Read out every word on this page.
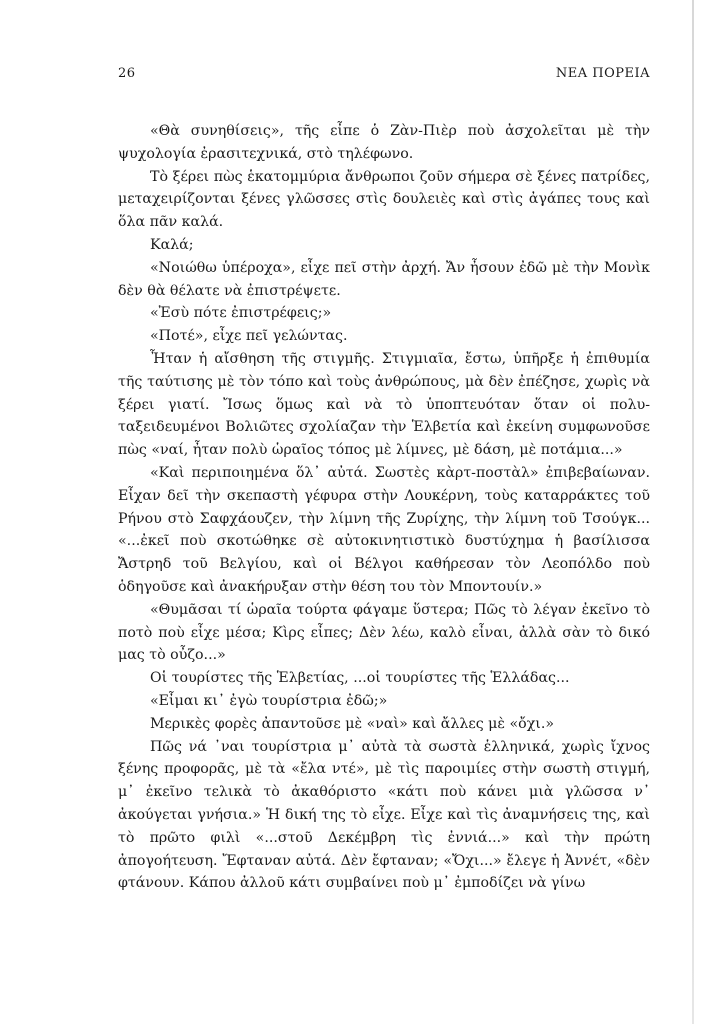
26	ΝΕΑ ΠΟΡΕΙΑ

«Θὰ συνηθίσεις», τῆς εἶπε ὁ Ζὰν-Πιὲρ ποὺ ἀσχολεῖται μὲ τὴν ψυχολογία ἐρασιτεχνικά, στὸ τηλέφωνο.

Τὸ ξέρει πὼς ἑκατομμύρια ἄνθρωποι ζοῦν σήμερα σὲ ξένες πατρίδες, μεταχειρίζονται ξένες γλῶσσες στὶς δουλειὲς καὶ στὶς ἀγάπες τους καὶ ὅλα πᾶν καλά.

Καλά;

«Νοιώθω ὑπέροχα», εἶχε πεῖ στὴν ἀρχή. Ἄν ἦσουν ἐδῶ μὲ τὴν Μονὶκ δὲν θὰ θέλατε νὰ ἐπιστρέψετε.

«Ἐσὺ πότε ἐπιστρέφεις;»

«Ποτέ», εἶχε πεῖ γελώντας.

Ἦταν ἡ αἴσθηση τῆς στιγμῆς. Στιγμιαῖα, ἔστω, ὑπῆρξε ἡ ἐπιθυμία τῆς ταύτισης μὲ τὸν τόπο καὶ τοὺς ἀνθρώπους, μὰ δὲν ἐπέζησε, χωρὶς νὰ ξέρει γιατί. Ἴσως ὅμως καὶ νὰ τὸ ὑποπτευόταν ὅταν οἱ πολυταξειδευμένοι Βολιῶτες σχολίαζαν τὴν Ἑλβετία καὶ ἐκείνη συμφωνοῦσε πὼς «ναί, ἦταν πολὺ ὡραῖος τόπος μὲ λίμνες, μὲ δάση, μὲ ποτάμια...»

«Καὶ περιποιημένα ὅλ᾿ αὐτά. Σωστὲς κὰρτ-ποστὰλ» ἐπιβεβαίωναν. Εἶχαν δεῖ τὴν σκεπαστὴ γέφυρα στὴν Λουκέρνη, τοὺς καταρράκτες τοῦ Ρήνου στὸ Σαφχάουζεν, τὴν λίμνη τῆς Ζυρίχης, τὴν λίμνη τοῦ Τσούγκ... «...ἐκεῖ ποὺ σκοτώθηκε σὲ αὐτοκινητιστικὸ δυστύχημα ἡ βασίλισσα Ἄστρηδ τοῦ Βελγίου, καὶ οἱ Βέλγοι καθήρεσαν τὸν Λεοπόλδο ποὺ ὁδηγοῦσε καὶ ἀνακήρυξαν στὴν θέση του τὸν Μποντουίν.»

«Θυμᾶσαι τί ὡραῖα τούρτα φάγαμε ὕστερα; Πῶς τὸ λέγαν ἐκεῖνο τὸ ποτὸ ποὺ εἶχε μέσα; Κὶρς εἶπες; Δὲν λέω, καλὸ εἶναι, ἀλλὰ σὰν τὸ δικό μας τὸ οὖζο...»

Οἱ τουρίστες τῆς Ἑλβετίας, ...οἱ τουρίστες τῆς Ἑλλάδας...

«Εἶμαι κι᾿ ἐγὼ τουρίστρια ἐδῶ;»

Μερικὲς φορὲς ἀπαντοῦσε μὲ «ναὶ» καὶ ἄλλες μὲ «ὄχι.»

Πῶς νά ᾿ναι τουρίστρια μ᾿ αὐτὰ τὰ σωστὰ ἑλληνικά, χωρὶς ἴχνος ξένης προφορᾶς, μὲ τὰ «ἔλα ντέ», μὲ τὶς παροιμίες στὴν σωστὴ στιγμή, μ᾿ ἐκεῖνο τελικὰ τὸ ἀκαθόριστο «κάτι ποὺ κάνει μιὰ γλῶσσα ν᾿ ἀκούγεται γνήσια.» Ἡ δική της τὸ εἶχε. Εἶχε καὶ τὶς ἀναμνήσεις της, καὶ τὸ πρῶτο φιλὶ «...στοῦ Δεκέμβρη τὶς ἐννιά...» καὶ τὴν πρώτη ἀπογοήτευση. Ἔφταναν αὐτά. Δὲν ἔφταναν; «Ὄχι...» ἔλεγε ἡ Ἀννέτ, «δὲν φτάνουν. Κάπου ἀλλοῦ κάτι συμβαίνει ποὺ μ᾿ ἐμποδίζει νὰ γίνω
